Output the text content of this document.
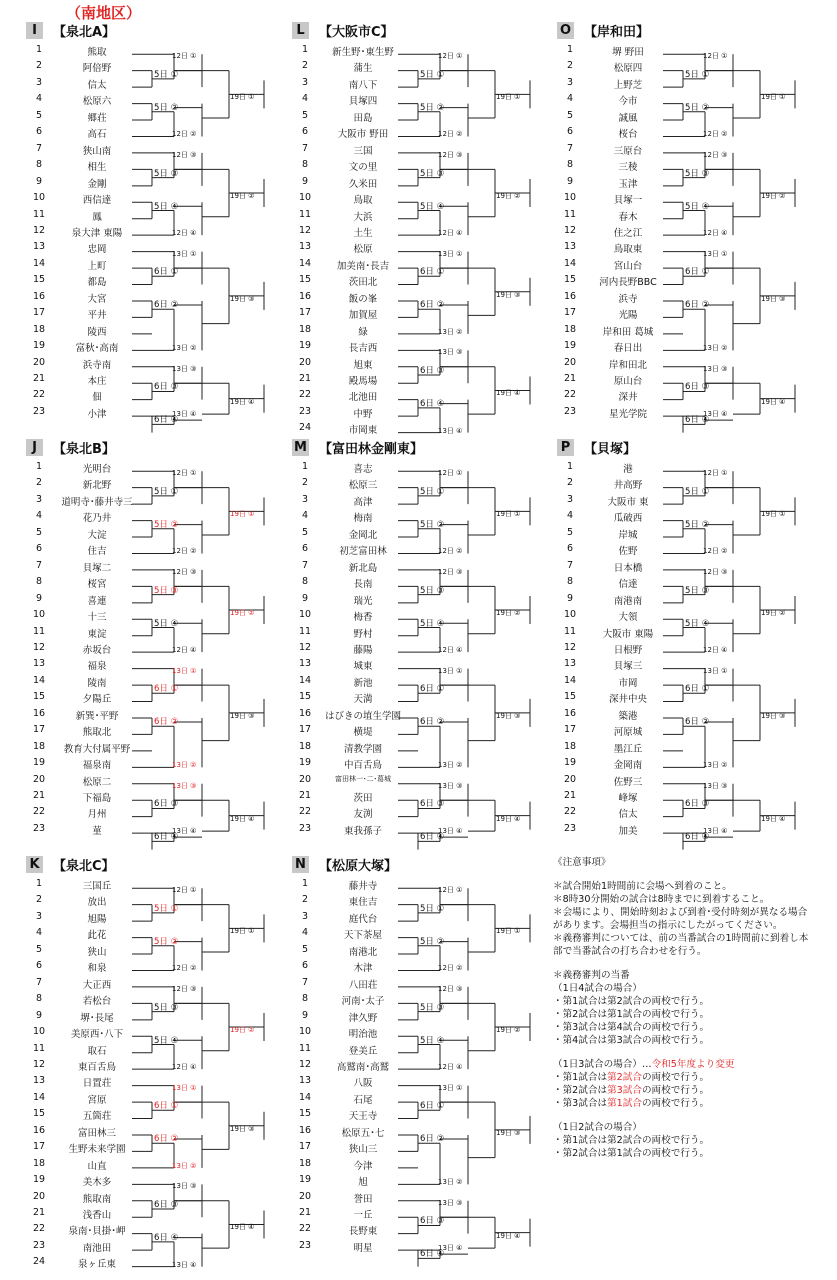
（南地区）
I	【泉北A】
1	熊取
2	阿倍野
3	信太
4	松原六
5	郷荘
6	高石
7	狭山南
8	相生
9	金剛
10	西信達
11	鳳
12	泉大津 東陽
13	忠岡
14	上町
15	都島
16	大宮
17	平井
18	陵西
19	富秋･高南
20	浜寺南
21	本庄
22	佃
23	小津
5日 ①
5日 ②
12日 ①
12日 ②
19日 ①
5日 ③
5日 ④
12日 ③
12日 ④
19日 ②
6日 ①
6日 ②
13日 ①
13日 ②
19日 ③
6日 ③
6日 ④
13日 ③
13日 ④
19日 ④
L	【大阪市C】
1	新生野･東生野
2	蒲生
3	南八下
4	貝塚四
5	田島
6	大阪市 野田
7	三国
8	文の里
9	久米田
10	鳥取
11	大浜
12	土生
13	松原
14	加美南･長吉
15	茨田北
16	飯の峯
17	加賀屋
18	緑
19	長吉西
20	旭東
21	殿馬場
22	北池田
23	中野
24	市岡東
5日 ①
5日 ②
12日 ①
12日 ②
19日 ①
5日 ③
5日 ④
12日 ③
12日 ④
19日 ②
6日 ①
6日 ②
13日 ①
13日 ②
19日 ③
6日 ③
6日 ④
13日 ③
13日 ④
19日 ④
O 【岸和田】
1	堺 野田
2	松原四
3	上野芝
4	今市
5	誠風
6	桜台
7	三原台
8	三稜
9	玉津
10	貝塚一
11	春木
12	住之江
13	鳥取東
14	宮山台
15	河内長野BBC
16	浜寺
17	光陽
18	岸和田 葛城
19	春日出
20	岸和田北
21	原山台
22	深井
23	星光学院
5日 ①
5日 ②
12日 ①
12日 ②
19日 ①
5日 ③
5日 ④
12日 ③
12日 ④
19日 ②
6日 ①
6日 ②
13日 ①
13日 ②
19日 ③
6日 ③
6日 ④
13日 ③
13日 ④
19日 ④
J	【泉北B】
1	光明台
2	新北野
3	道明寺･藤井寺三
4	花乃井
5	大淀
6	住吉
7	貝塚二
8	桜宮
9	喜連
10	十三
11	東淀
12	赤坂台
13	福泉
14	陵南
15	夕陽丘
16	新巽･平野
17	熊取北
18	教育大付属平野
19	福泉南
20	松原二
21	下福島
22	月州
23	菫
5日 ①
5日 ②
12日 ①
12日 ②
19日 ①
5日 ③
5日 ④
12日 ③
12日 ④
19日 ②
6日 ①
6日 ②
13日 ①
13日 ②
19日 ③
6日 ③
6日 ④
13日 ③
13日 ④
19日 ④
M 【富田林金剛東】
1	喜志
2	松原三
3	高津
4	梅南
5	金岡北
6	初芝富田林
7	新北島
8	長南
9	瑞光
10	梅香
11	野村
12	藤陽
13	城東
14	新池
15	天満
16	はびきの埴生学園
17	横堤
18	清教学園
19	中百舌鳥
20	富田林一･二･葛城
21	茨田
22	友渕
23	東我孫子
5日 ①
5日 ②
12日 ①
12日 ②
19日 ①
5日 ③
5日 ④
12日 ③
12日 ④
19日 ②
6日 ①
6日 ②
13日 ①
13日 ②
19日 ③
6日 ③
6日 ④
13日 ③
13日 ④
19日 ④
P 【貝塚】
1	港
2	井高野
3	大阪市 東
4	瓜破西
5	岸城
6	佐野
7	日本橋
8	信達
9	南港南
10	大領
11	大阪市 東陽
12	日根野
13	貝塚三
14	市岡
15	深井中央
16	築港
17	河原城
18	墨江丘
19	金岡南
20	佐野三
21	峰塚
22	信太
23	加美
5日 ①
5日 ②
12日 ①
12日 ②
19日 ①
5日 ③
5日 ④
12日 ③
12日 ④
19日 ②
6日 ①
6日 ②
13日 ①
13日 ②
19日 ③
6日 ③
6日 ④
13日 ③
13日 ④
19日 ④
K 【泉北C】
1	三国丘
2	放出
3	旭陽
4	此花
5	狭山
6	和泉
7	大正西
8	若松台
9	堺･長尾
10	美原西･八下
11	取石
12	東百舌鳥
13	日置荘
14	宮原
15	五箇荘
16	富田林三
17	生野未来学園
18	山直
19	美木多
20	熊取南
21	浅香山
22	泉南･貝掛･岬
23	南池田
24	泉ヶ丘東
5日 ①
5日 ②
12日 ①
12日 ②
19日 ①
5日 ③
5日 ④
12日 ③
12日 ④
19日 ②
6日 ①
6日 ②
13日 ①
13日 ②
19日 ③
6日 ③
6日 ④
13日 ③
13日 ④
19日 ④
N 【松原大塚】
1	藤井寺
2	東住吉
3	庭代台
4	天下茶屋
5	南港北
6	木津
7	八田荘
8	河南･太子
9	津久野
10	明治池
11	登美丘
12	高鷲南･高鷲
13	八阪
14	石尾
15	天王寺
16	松原五･七
17	狭山三
18	今津
19	旭
20	誉田
21	一丘
22	長野東
23	明星
5日 ①
5日 ②
12日 ①
12日 ②
19日 ①
5日 ③
5日 ④
12日 ③
12日 ④
19日 ②
6日 ①
6日 ②
13日 ①
13日 ②
19日 ③
6日 ③
6日 ④
13日 ③
13日 ④
19日 ④
《注意事項》
＊試合開始1時間前に会場へ到着のこと。
＊8時30分開始の試合は8時までに到着すること。
＊会場により、開始時刻および到着･受付時刻が異なる場合があります。会場担当の指示にしたがってください。
＊義務審判については、前の当番試合の1時間前に到着し本部で当番試合の打ち合わせを行う。
＊義務審判の当番
（1日4試合の場合）
・第1試合は第2試合の両校で行う。
・第2試合は第1試合の両校で行う。
・第3試合は第4試合の両校で行う。
・第4試合は第3試合の両校で行う。
（1日3試合の場合）…令和5年度より変更
・第1試合は第2試合の両校で行う。
・第2試合は第3試合の両校で行う。
・第3試合は第1試合の両校で行う。
（1日2試合の場合）
・第1試合は第2試合の両校で行う。
・第2試合は第1試合の両校で行う。
